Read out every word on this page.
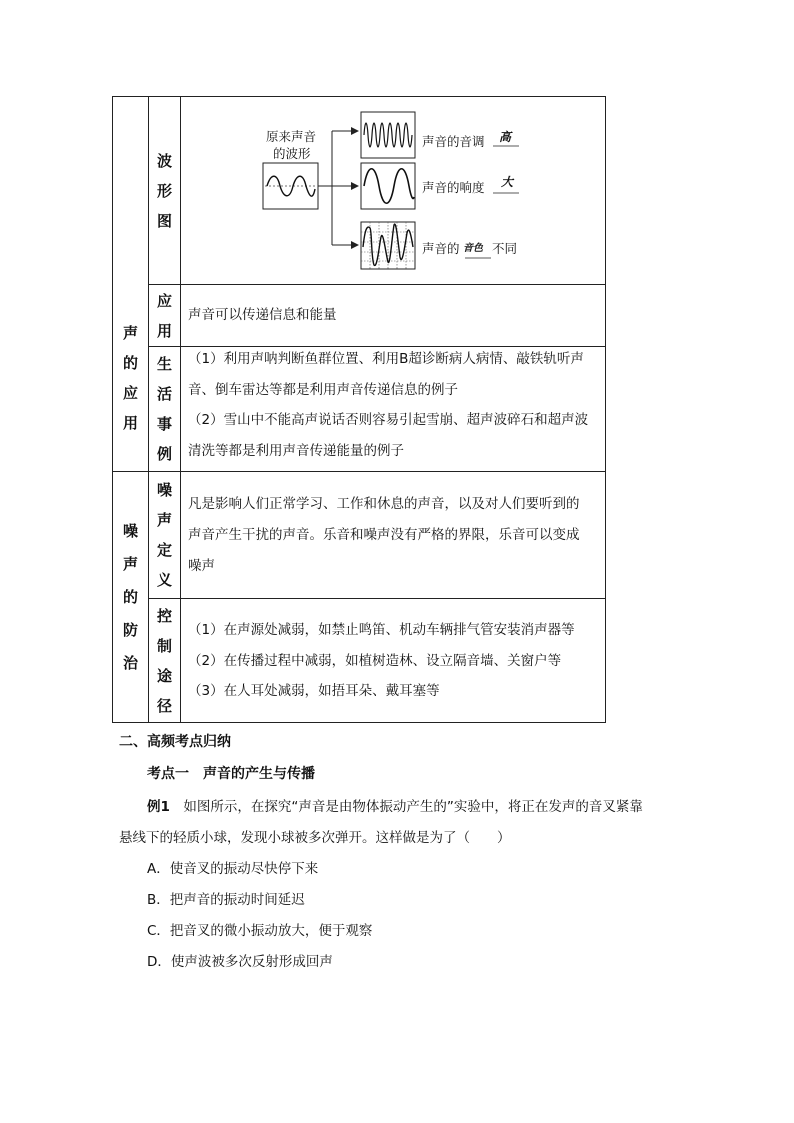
波
形
图
原来声音
的波形
声音的音调 高
声音的响度 大
声音的 音色 不同
声
的
应
用
应
用

声音可以传递信息和能量

生
活
事
例

（1）利用声呐判断鱼群位置、利用B超诊断病人病情、敲铁轨听声

音、倒车雷达等都是利用声音传递信息的例子

（2）雪山中不能高声说话否则容易引起雪崩、超声波碎石和超声波

清洗等都是利用声音传递能量的例子

噪
声
的
防
治
噪
声
定
义

凡是影响人们正常学习、工作和休息的声音，以及对人们要听到的

声音产生干扰的声音。乐音和噪声没有严格的界限，乐音可以变成

噪声

控
制
途
径

（1）在声源处减弱，如禁止鸣笛、机动车辆排气管安装消声器等

（2）在传播过程中减弱，如植树造林、设立隔音墙、关窗户等

（3）在人耳处减弱，如捂耳朵、戴耳塞等

二、高频考点归纳
考点一　声音的产生与传播
例1　 如图所示，在探究“声音是由物体振动产生的”实验中，将正在发声的音叉紧靠
悬线下的轻质小球，发现小球被多次弹开。这样做是为了（　　）
A．使音叉的振动尽快停下来
B．把声音的振动时间延迟
C．把音叉的微小振动放大，便于观察
D．使声波被多次反射形成回声
